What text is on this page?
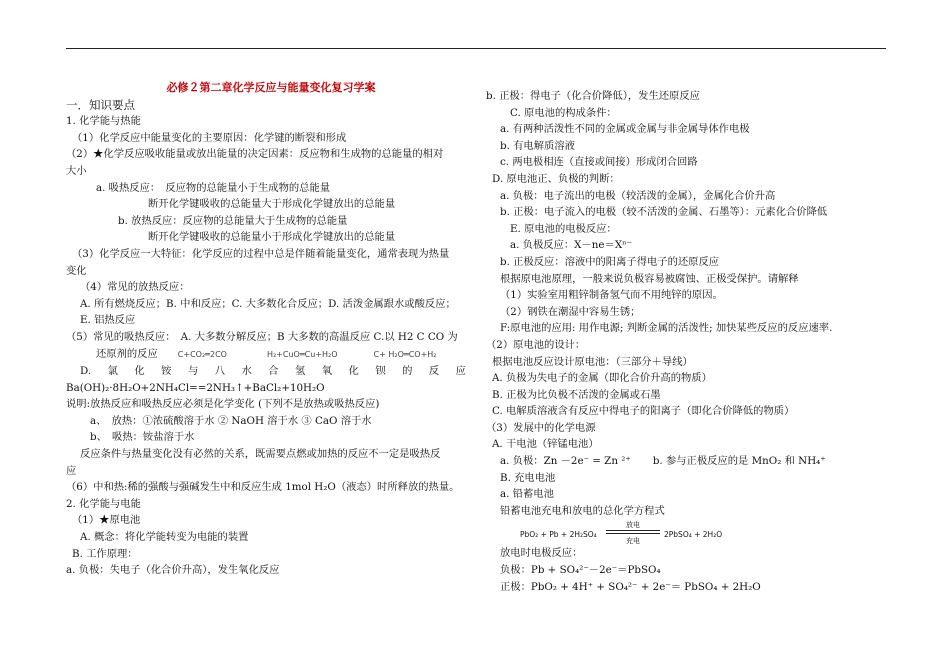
必修２第二章化学反应与能量变化复习学案
一．知识要点
1. 化学能与热能
（1）化学反应中能量变化的主要原因：化学键的断裂和形成
（2）★化学反应吸收能量或放出能量的决定因素：反应物和生成物的总能量的相对
大小
a. 吸热反应：　反应物的总能量小于生成物的总能量
断开化学键吸收的总能量大于形成化学键放出的总能量
b. 放热反应：反应物的总能量大于生成物的总能量
断开化学键吸收的总能量小于形成化学键放出的总能量
（3）化学反应一大特征：化学反应的过程中总是伴随着能量变化，通常表现为热量
变化
（4）常见的放热反应：
A. 所有燃烧反应；B. 中和反应；C. 大多数化合反应；D. 活泼金属跟水或酸反应；
E. 铝热反应
（5）常见的吸热反应：　A. 大多数分解反应；B 大多数的高温反应 C.以 H2 C CO 为
还原剂的反应	C+CO₂═2CO	H₂+CuO═Cu+H₂O	C+ H₂O═CO+H₂
D. 氯 化 铵 与 八 水 合 氢 氧 化 钡 的 反 应
Ba(OH)₂·8H₂O+2NH₄Cl==2NH₃↑+BaCl₂+10H₂O
说明:放热反应和吸热反应必须是化学变化 (下列不是放热或吸热反应)
a、　放热：①浓硫酸溶于水 ② NaOH 溶于水 ③ CaO 溶于水
b、　吸热：铵盐溶于水
反应条件与热量变化没有必然的关系，既需要点燃或加热的反应不一定是吸热反
应
（6）中和热:稀的强酸与强碱发生中和反应生成 1mol H₂O（液态）时所释放的热量。
2. 化学能与电能
（1）★原电池
A. 概念：将化学能转变为电能的装置
B. 工作原理：
a. 负极：失电子（化合价升高），发生氧化反应
b. 正极：得电子（化合价降低），发生还原反应
C. 原电池的构成条件：
a. 有两种活泼性不同的金属或金属与非金属导体作电极
b. 有电解质溶液
c. 两电极相连（直接或间接）形成闭合回路
D. 原电池正、负极的判断：
a. 负极：电子流出的电极（较活泼的金属），金属化合价升高
b. 正极：电子流入的电极（较不活泼的金属、石墨等）：元素化合价降低
E. 原电池的电极反应：
a. 负极反应：X－ne＝Xⁿ⁻
b. 正极反应：溶液中的阳离子得电子的还原反应
根据原电池原理，一般来说负极容易被腐蚀、正极受保护。请解释
（1）实验室用粗锌制备氢气而不用纯锌的原因。
（2）钢铁在潮湿中容易生锈；
F:原电池的应用: 用作电源; 判断金属的活泼性; 加快某些反应的反应速率.
（2）原电池的设计：
根据电池反应设计原电池：（三部分＋导线）
A. 负极为失电子的金属（即化合价升高的物质）
B. 正极为比负极不活泼的金属或石墨
C. 电解质溶液含有反应中得电子的阳离子（即化合价降低的物质）
（3）发展中的化学电源
A. 干电池（锌锰电池）
a. 负极：Zn －2e⁻ = Zn ²⁺ b. 参与正极反应的是 MnO₂ 和 NH₄⁺
B. 充电电池
a. 铅蓄电池
铅蓄电池充电和放电的总化学方程式
PbO₂ + Pb + 2H₂SO₄
放电
充电
2PbSO₄ + 2H₂O
放电时电极反应：
负极：Pb + SO₄²⁻－2e⁻＝PbSO₄
正极：PbO₂ + 4H⁺ + SO₄²⁻ + 2e⁻＝ PbSO₄ + 2H₂O
